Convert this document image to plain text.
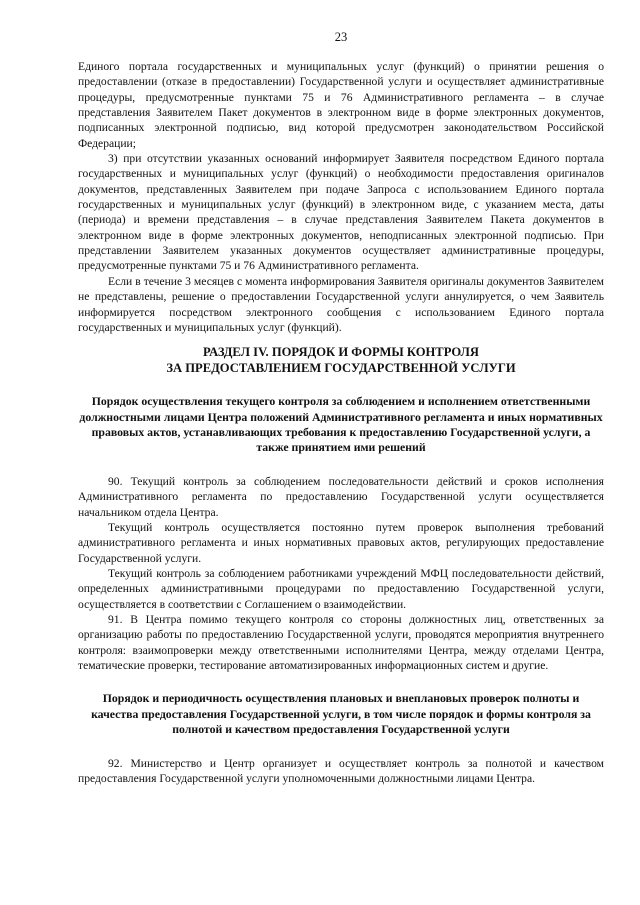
23

Единого портала государственных и муниципальных услуг (функций) о принятии решения о предоставлении (отказе в предоставлении) Государственной услуги и осуществляет административные процедуры, предусмотренные пунктами 75 и 76 Административного регламента – в случае представления Заявителем Пакет документов в электронном виде в форме электронных документов, подписанных электронной подписью, вид которой предусмотрен законодательством Российской Федерации;

3) при отсутствии указанных оснований информирует Заявителя посредством Единого портала государственных и муниципальных услуг (функций) о необходимости предоставления оригиналов документов, представленных Заявителем при подаче Запроса с использованием Единого портала государственных и муниципальных услуг (функций) в электронном виде, с указанием места, даты (периода) и времени представления – в случае представления Заявителем Пакета документов в электронном виде в форме электронных документов, неподписанных электронной подписью. При представлении Заявителем указанных документов осуществляет административные процедуры, предусмотренные пунктами 75 и 76 Административного регламента.

Если в течение 3 месяцев с момента информирования Заявителя оригиналы документов Заявителем не представлены, решение о предоставлении Государственной услуги аннулируется, о чем Заявитель информируется посредством электронного сообщения с использованием Единого портала государственных и муниципальных услуг (функций).

РАЗДЕЛ IV. ПОРЯДОК И ФОРМЫ КОНТРОЛЯ
ЗА ПРЕДОСТАВЛЕНИЕМ ГОСУДАРСТВЕННОЙ УСЛУГИ
Порядок осуществления текущего контроля за соблюдением и исполнением ответственными должностными лицами Центра положений Административного регламента и иных нормативных правовых актов, устанавливающих требования к предоставлению Государственной услуги, а также принятием ими решений

90. Текущий контроль за соблюдением последовательности действий и сроков исполнения Административного регламента по предоставлению Государственной услуги осуществляется начальником отдела Центра.

Текущий контроль осуществляется постоянно путем проверок выполнения требований административного регламента и иных нормативных правовых актов, регулирующих предоставление Государственной услуги.

Текущий контроль за соблюдением работниками учреждений МФЦ последовательности действий, определенных административными процедурами по предоставлению Государственной услуги, осуществляется в соответствии с Соглашением о взаимодействии.

91. В Центра помимо текущего контроля со стороны должностных лиц, ответственных за организацию работы по предоставлению Государственной услуги, проводятся мероприятия внутреннего контроля: взаимопроверки между ответственными исполнителями Центра, между отделами Центра, тематические проверки, тестирование автоматизированных информационных систем и другие.

Порядок и периодичность осуществления плановых и внеплановых проверок полноты и качества предоставления Государственной услуги, в том числе порядок и формы контроля за полнотой и качеством предоставления Государственной услуги

92. Министерство и Центр организует и осуществляет контроль за полнотой и качеством предоставления Государственной услуги уполномоченными должностными лицами Центра.
